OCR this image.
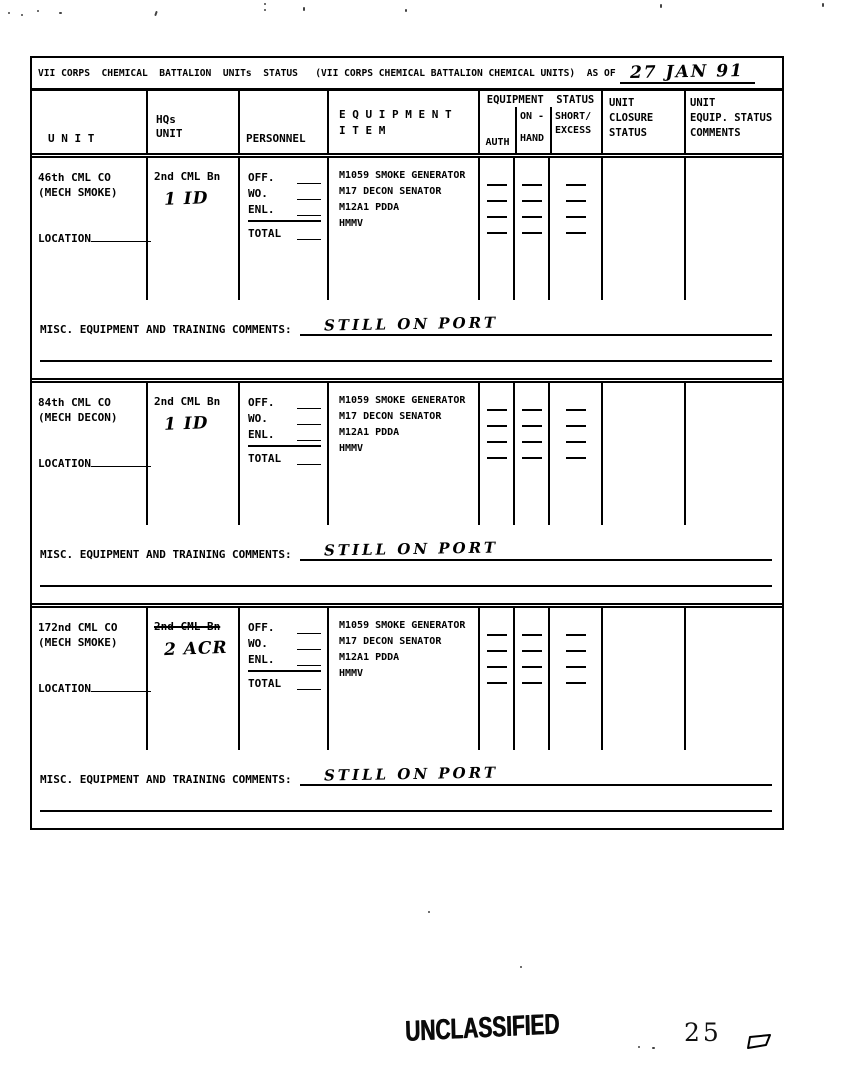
VII CORPS  CHEMICAL  BATTALION  UNITs  STATUS   (VII CORPS CHEMICAL BATTALION CHEMICAL UNITS)  AS OF 27 JAN 91
U N I T
HQs
UNIT	PERSONNEL
E Q U I P M E N T
I T E M
EQUIPMENT  STATUS
AUTH
ON -
HAND
SHORT/
EXCESS
UNIT
CLOSURE
STATUS
UNIT
EQUIP. STATUS
COMMENTS
46th CML CO
(MECH SMOKE)
LOCATION
2nd CML Bn
1 ID
OFF.
WO.
ENL.
TOTAL
M1059 SMOKE GENERATOR
M17 DECON SENATOR
M12A1 PDDA
HMMV
MISC. EQUIPMENT AND TRAINING COMMENTS: STILL ON PORT
84th CML CO
(MECH DECON)
LOCATION
2nd CML Bn
1 ID
OFF.
WO.
ENL.
TOTAL
M1059 SMOKE GENERATOR
M17 DECON SENATOR
M12A1 PDDA
HMMV
MISC. EQUIPMENT AND TRAINING COMMENTS: STILL ON PORT
172nd CML CO
(MECH SMOKE)
LOCATION
2nd CML Bn
2 ACR
OFF.
WO.
ENL.
TOTAL
M1059 SMOKE GENERATOR
M17 DECON SENATOR
M12A1 PDDA
HMMV
MISC. EQUIPMENT AND TRAINING COMMENTS: STILL ON PORT
UNCLASSIFIED	25
